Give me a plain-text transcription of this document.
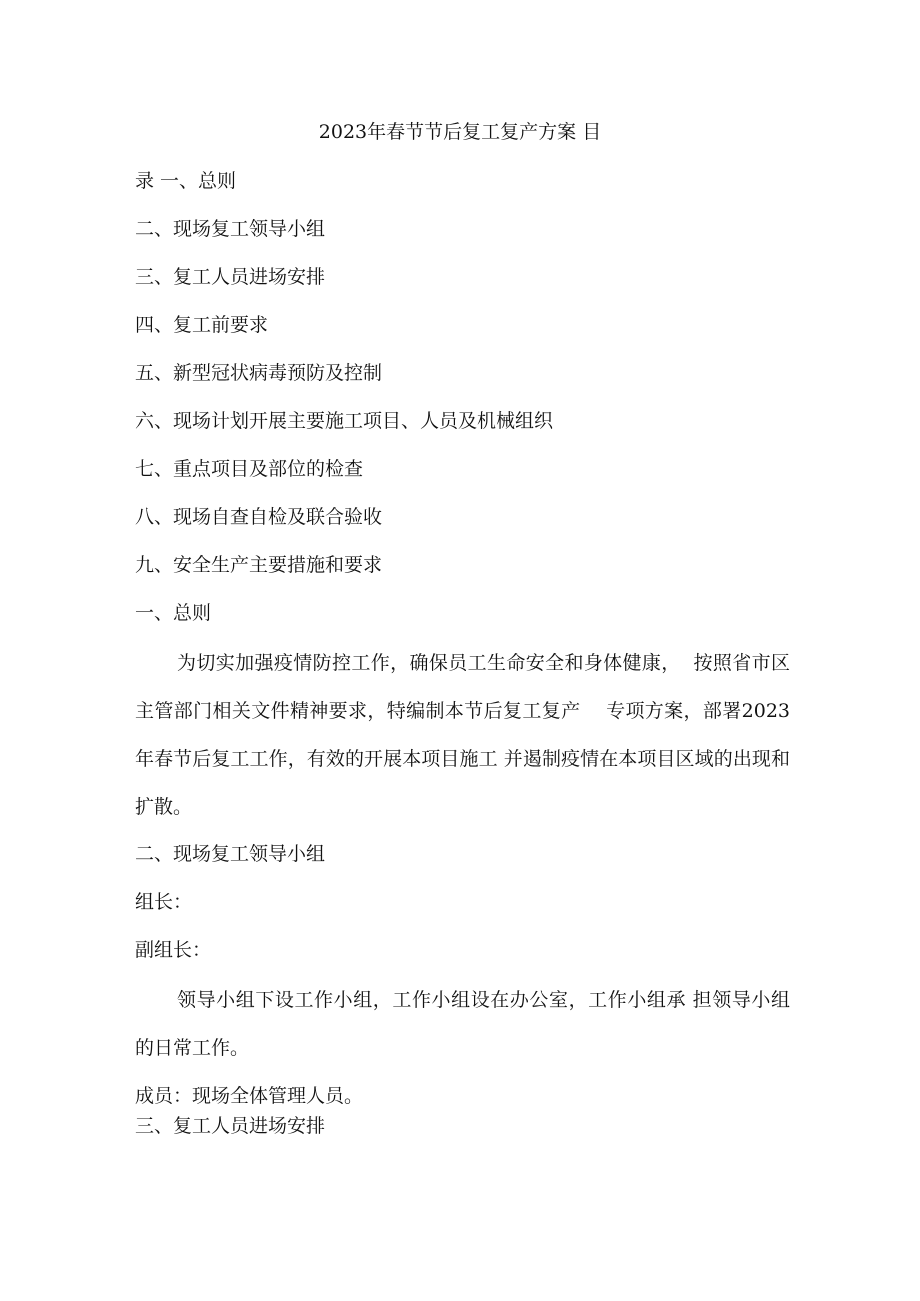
2023年春节节后复工复产方案 目
录 一、总则
二、现场复工领导小组
三、复工人员进场安排
四、复工前要求
五、新型冠状病毒预防及控制
六、现场计划开展主要施工项目、人员及机械组织
七、重点项目及部位的检查
八、现场自查自检及联合验收
九、安全生产主要措施和要求
一、总则
为切实加强疫情防控工作，确保员工生命安全和身体健康，  按照省市区主管部门相关文件精神要求，特编制本节后复工复产    专项方案，部署2023年春节后复工工作，有效的开展本项目施工 并遏制疫情在本项目区域的出现和扩散。
二、现场复工领导小组
组长：
副组长：
领导小组下设工作小组，工作小组设在办公室，工作小组承 担领导小组的日常工作。
成员：现场全体管理人员。
三、复工人员进场安排
